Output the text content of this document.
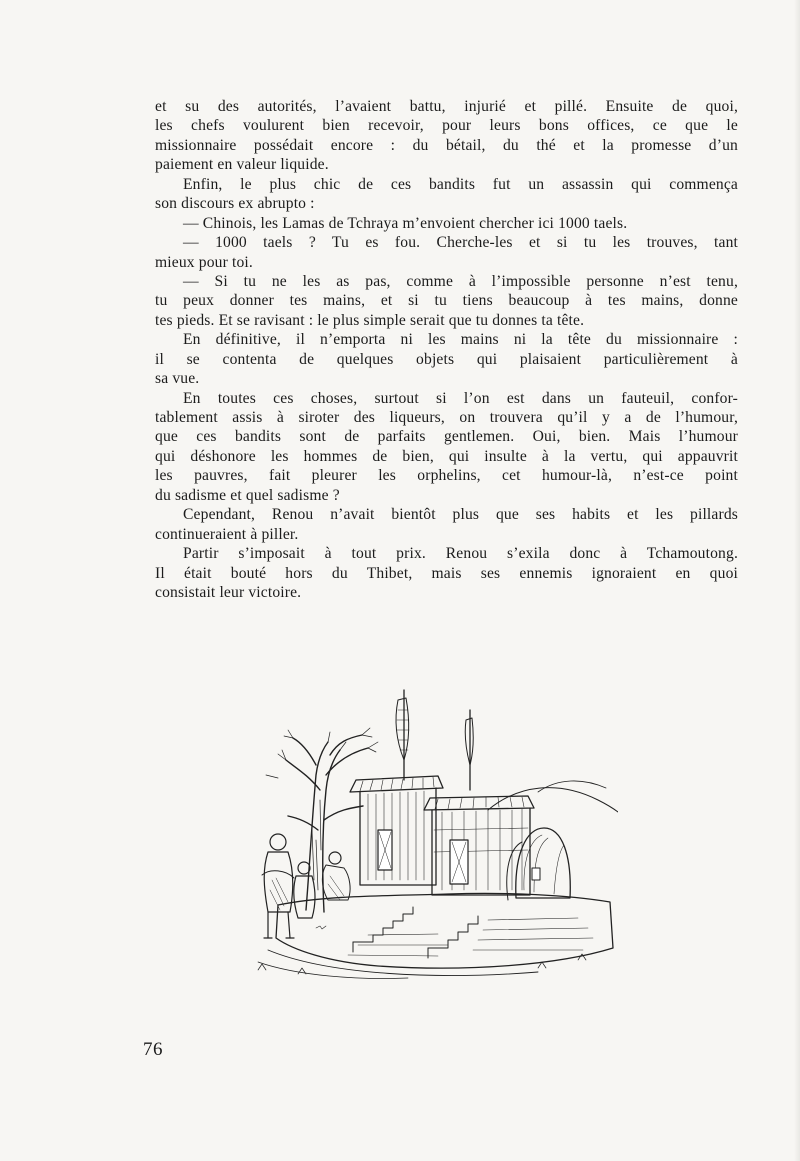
et su des autorités, l’avaient battu, injurié et pillé. Ensuite de quoi,
les chefs voulurent bien recevoir, pour leurs bons offices, ce que le
missionnaire possédait encore : du bétail, du thé et la promesse d’un
paiement en valeur liquide.
Enfin, le plus chic de ces bandits fut un assassin qui commença
son discours ex abrupto :
— Chinois, les Lamas de Tchraya m’envoient chercher ici 1000 taels.
— 1000 taels ? Tu es fou. Cherche-les et si tu les trouves, tant
mieux pour toi.
— Si tu ne les as pas, comme à l’impossible personne n’est tenu,
tu peux donner tes mains, et si tu tiens beaucoup à tes mains, donne
tes pieds. Et se ravisant : le plus simple serait que tu donnes ta tête.
En définitive, il n’emporta ni les mains ni la tête du missionnaire :
il se contenta de quelques objets qui plaisaient particulièrement à
sa vue.
En toutes ces choses, surtout si l’on est dans un fauteuil, confor-
tablement assis à siroter des liqueurs, on trouvera qu’il y a de l’humour,
que ces bandits sont de parfaits gentlemen. Oui, bien. Mais l’humour
qui déshonore les hommes de bien, qui insulte à la vertu, qui appauvrit
les pauvres, fait pleurer les orphelins, cet humour-là, n’est-ce point
du sadisme et quel sadisme ?
Cependant, Renou n’avait bientôt plus que ses habits et les pillards
continueraient à piller.
Partir s’imposait à tout prix. Renou s’exila donc à Tchamoutong.
Il était bouté hors du Thibet, mais ses ennemis ignoraient en quoi
consistait leur victoire.
76
